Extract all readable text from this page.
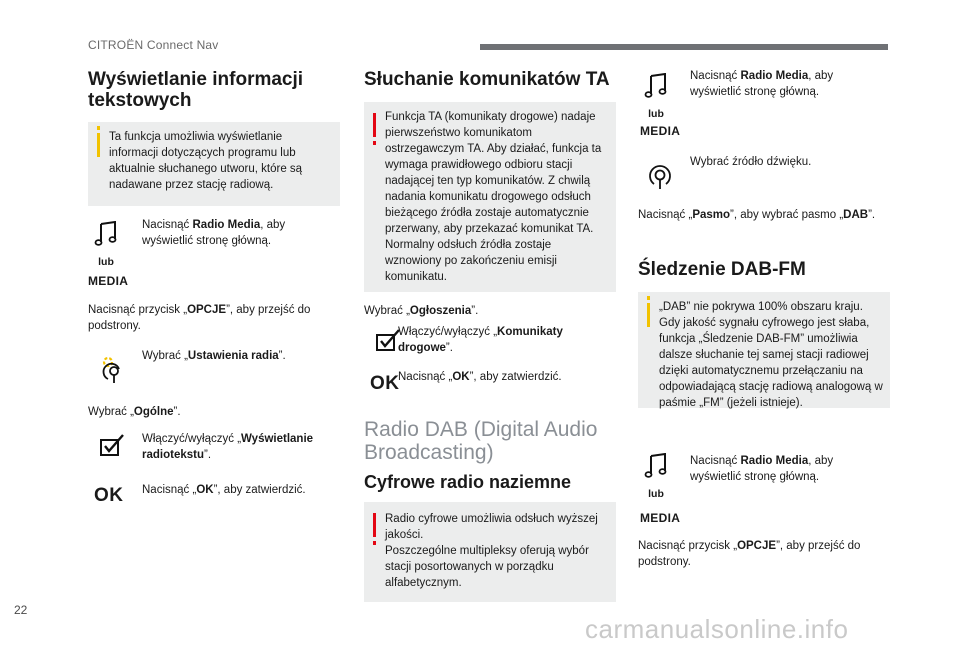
CITROËN Connect Nav
Wyświetlanie informacji tekstowych
Ta funkcja umożliwia wyświetlanie informacji dotyczących programu lub aktualnie słuchanego utworu, które są nadawane przez stację radiową.
lub
MEDIA
Nacisnąć Radio Media, aby wyświetlić stronę główną.
Nacisnąć przycisk „OPCJE”, aby przejść do podstrony.
Wybrać „Ustawienia radia”.
Wybrać „Ogólne”.
Włączyć/wyłączyć „Wyświetlanie radiotekstu”.
OK Nacisnąć „OK”, aby zatwierdzić.
Słuchanie komunikatów TA
Funkcja TA (komunikaty drogowe) nadaje pierwszeństwo komunikatom ostrzegawczym TA. Aby działać, funkcja ta wymaga prawidłowego odbioru stacji nadającej ten typ komunikatów. Z chwilą nadania komunikatu drogowego odsłuch bieżącego źródła zostaje automatycznie przerwany, aby przekazać komunikat TA. Normalny odsłuch źródła zostaje wznowiony po zakończeniu emisji komunikatu.
Wybrać „Ogłoszenia”.
Włączyć/wyłączyć „Komunikaty drogowe”.
OK
Nacisnąć „OK”, aby zatwierdzić.
Radio DAB (Digital Audio Broadcasting)
Cyfrowe radio naziemne
Radio cyfrowe umożliwia odsłuch wyższej jakości.
Poszczególne multipleksy oferują wybór stacji posortowanych w porządku alfabetycznym.
lub
MEDIA
Nacisnąć Radio Media, aby wyświetlić stronę główną.
Wybrać źródło dźwięku.
Nacisnąć „Pasmo”, aby wybrać pasmo „DAB”.
Śledzenie DAB-FM
„DAB” nie pokrywa 100% obszaru kraju. Gdy jakość sygnału cyfrowego jest słaba, funkcja „Śledzenie DAB-FM” umożliwia dalsze słuchanie tej samej stacji radiowej dzięki automatycznemu przełączaniu na odpowiadającą stację radiową analogową w paśmie „FM” (jeżeli istnieje).
lub
MEDIA
Nacisnąć Radio Media, aby wyświetlić stronę główną.
Nacisnąć przycisk „OPCJE”, aby przejść do podstrony.
22
carmanualsonline.info
